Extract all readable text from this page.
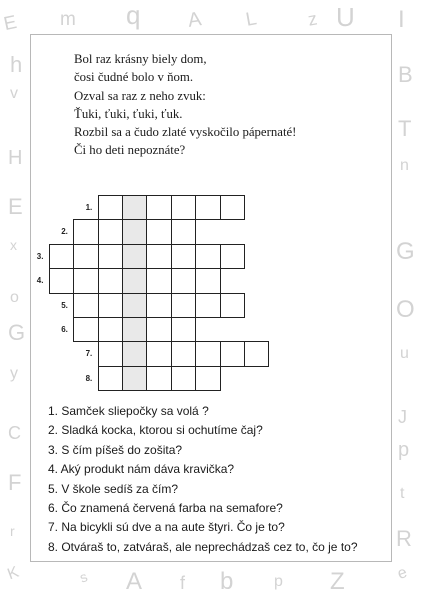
E m q A L	z U I
h
v
H
E
x
o
G
y
C
F
r
K
B
T
n
G
O
u
J
p
t
R
e
s A f b	p Z
Bol raz krásny biely dom,
čosi čudné bolo v ňom.
Ozval sa raz z neho zvuk:
Ťuki, ťuki, ťuki, ťuk.
Rozbil sa a čudo zlaté vyskočilo pápernaté!
Či ho deti nepoznáte?
1.
2.
3.
4.
5.
6.
7.
8.
1. Samček sliepočky sa volá ?
2. Sladká kocka, ktorou si ochutíme čaj?
3. S čím píšeš do zošita?
4. Aký produkt nám dáva kravička?
5. V škole sedíš za čím?
6. Čo znamená červená farba na semafore?
7. Na bicykli sú dve a na aute štyri. Čo je to?
8. Otváraš to, zatváraš, ale neprechádzaš cez to, čo je to?
